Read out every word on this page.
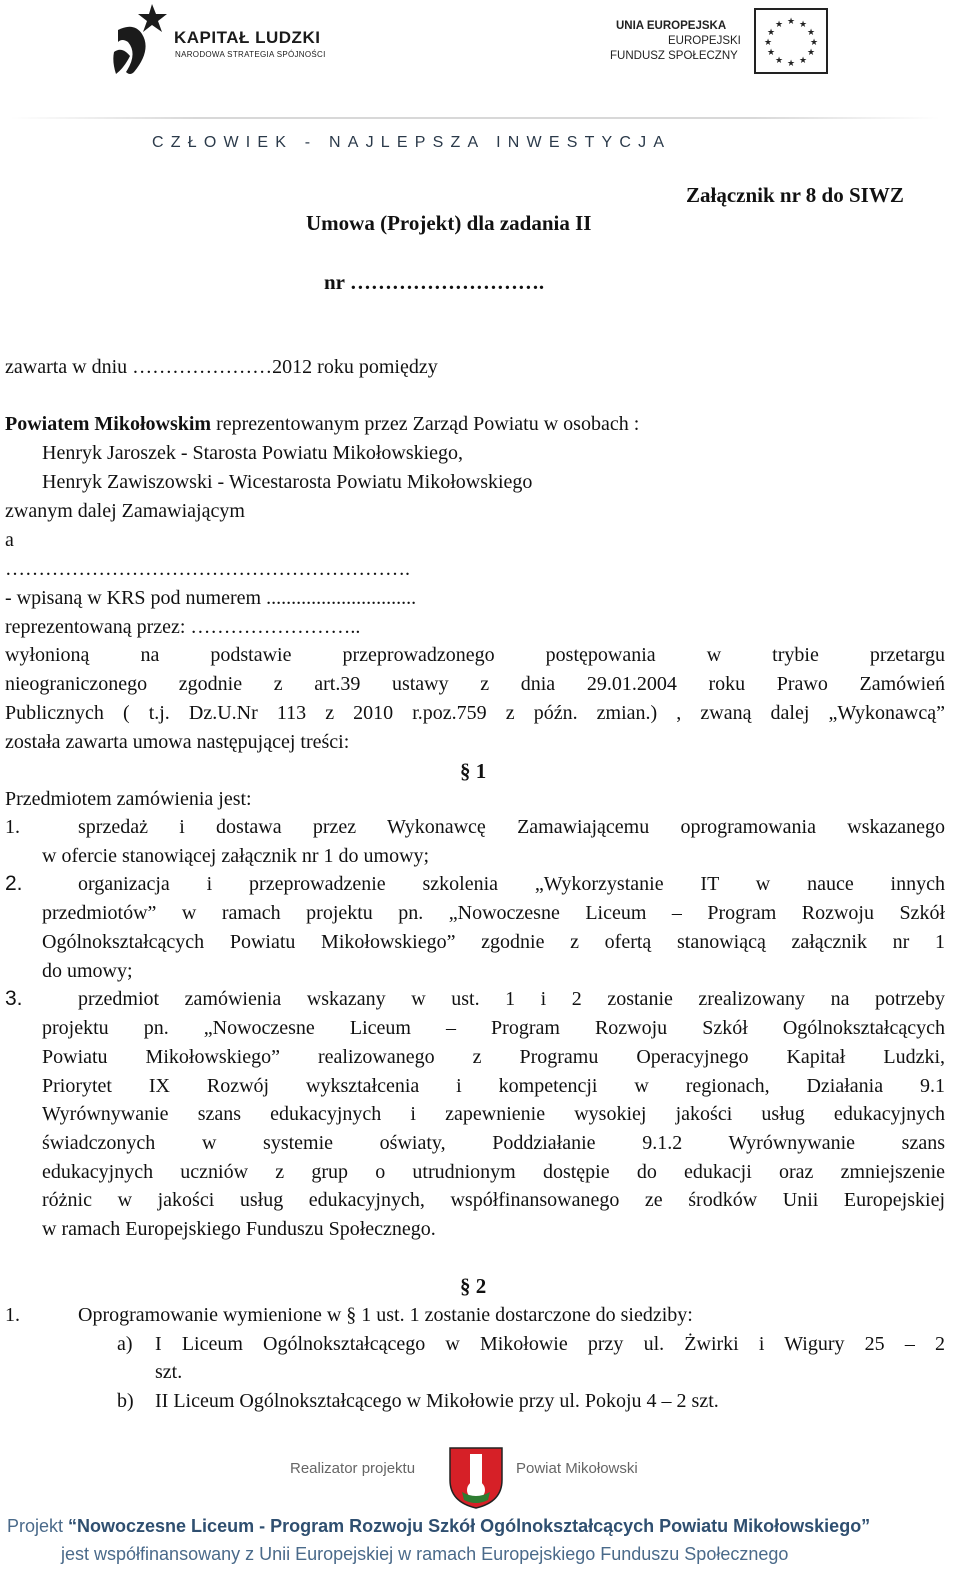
KAPITAŁ LUDZKI
NARODOWA STRATEGIA SPÓJNOŚCI
UNIA EUROPEJSKA
EUROPEJSKI
FUNDUSZ SPOŁECZNY
★ ★
★
★
★
★
★
★
★
★
★
★
CZŁOWIEK - NAJLEPSZA INWESTYCJA
Załącznik nr 8 do SIWZ
Umowa (Projekt) dla zadania II
nr ……………………….
zawarta w dniu …………………2012 roku pomiędzy
Powiatem Mikołowskim reprezentowanym przez Zarząd Powiatu w osobach :
Henryk Jaroszek - Starosta Powiatu Mikołowskiego,
Henryk Zawiszowski - Wicestarosta Powiatu Mikołowskiego
zwanym dalej Zamawiającym
a
…………………………………………………….
- wpisaną w KRS pod numerem ..............................
reprezentowaną przez: ……………………..
wyłonioną na podstawie przeprowadzonego postępowania w trybie przetargu
nieograniczonego zgodnie z art.39 ustawy z dnia 29.01.2004 roku Prawo Zamówień
Publicznych ( t.j. Dz.U.Nr 113 z 2010 r.poz.759 z późn. zmian.) , zwaną dalej „Wykonawcą”
została zawarta umowa następującej treści:
§ 1
Przedmiotem zamówienia jest:
1.	sprzedaż i dostawa przez Wykonawcę Zamawiającemu oprogramowania wskazanego
w ofercie stanowiącej załącznik nr 1 do umowy;
2.	organizacja i przeprowadzenie szkolenia „Wykorzystanie IT w nauce innych
przedmiotów” w ramach projektu pn. „Nowoczesne Liceum – Program Rozwoju Szkół
Ogólnokształcących Powiatu Mikołowskiego” zgodnie z ofertą stanowiącą załącznik nr 1
do umowy;
3.	przedmiot zamówienia wskazany w ust. 1 i 2 zostanie zrealizowany na potrzeby
projektu pn. „Nowoczesne Liceum – Program Rozwoju Szkół Ogólnokształcących
Powiatu Mikołowskiego” realizowanego z Programu Operacyjnego Kapitał Ludzki,
Priorytet IX Rozwój wykształcenia i kompetencji w regionach, Działania 9.1
Wyrównywanie szans edukacyjnych i zapewnienie wysokiej jakości usług edukacyjnych
świadczonych w systemie oświaty, Poddziałanie 9.1.2 Wyrównywanie szans
edukacyjnych uczniów z grup o utrudnionym dostępie do edukacji oraz zmniejszenie
różnic w jakości usług edukacyjnych, współfinansowanego ze środków Unii Europejskiej
w ramach Europejskiego Funduszu Społecznego.
§ 2
1.	Oprogramowanie wymienione w § 1 ust. 1 zostanie dostarczone do siedziby:
a) I Liceum Ogólnokształcącego w Mikołowie przy ul. Żwirki i Wigury 25 – 2
szt.
b) II Liceum Ogólnokształcącego w Mikołowie przy ul. Pokoju 4 – 2 szt.
Realizator projektu	Powiat Mikołowski
Projekt “Nowoczesne Liceum - Program Rozwoju Szkół Ogólnokształcących Powiatu Mikołowskiego”
jest współfinansowany z Unii Europejskiej w ramach Europejskiego Funduszu Społecznego
